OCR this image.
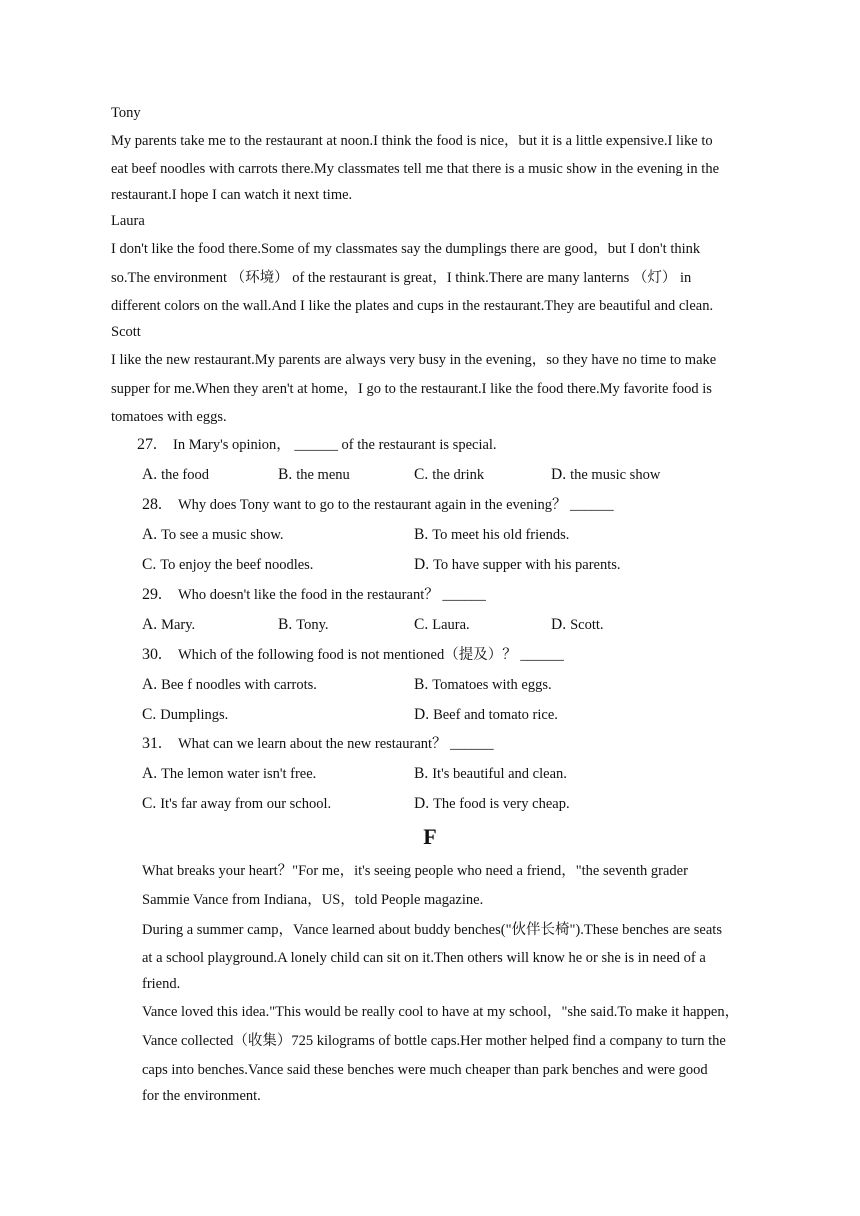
Tony
My parents take me to the restaurant at noon.I think the food is nice，but it is a little expensive.I like to
eat beef noodles with carrots there.My classmates tell me that there is a music show in the evening in the
restaurant.I hope I can watch it next time.
Laura
I don't like the food there.Some of my classmates say the dumplings there are good，but I don't think
so.The environment （环境） of the restaurant is great，I think.There are many lanterns （灯） in
different colors on the wall.And I like the plates and cups in the restaurant.They are beautiful and clean.
Scott
I like the new restaurant.My parents are always very busy in the evening，so they have no time to make
supper for me.When they aren't at home，I go to the restaurant.I like the food there.My favorite food is
tomatoes with eggs.
27. In Mary's opinion， ______ of the restaurant is special.
A. the food	B. the menu	C. the drink	D. the music show
28. Why does Tony want to go to the restaurant again in the evening？ ______
A. To see a music show.	B. To meet his old friends.
C. To enjoy the beef noodles.	D. To have supper with his parents.
29. Who doesn't like the food in the restaurant？ ______
A. Mary.	B. Tony.	C. Laura.	D. Scott.
30. Which of the following food is not mentioned（提及）？ ______
A. Bee f noodles with carrots.	B. Tomatoes with eggs.
C. Dumplings.	D. Beef and tomato rice.
31. What can we learn about the new restaurant？ ______
A. The lemon water isn't free.	B. It's beautiful and clean.
C. It's far away from our school.	D. The food is very cheap.
F
What breaks your heart？"For me，it's seeing people who need a friend，"the seventh grader
Sammie Vance from Indiana，US，told People magazine.
During a summer camp，Vance learned about buddy benches("伙伴长椅").These benches are seats
at a school playground.A lonely child can sit on it.Then others will know he or she is in need of a
friend.
Vance loved this idea."This would be really cool to have at my school，"she said.To make it happen，
Vance collected（收集）725 kilograms of bottle caps.Her mother helped find a company to turn the
caps into benches.Vance said these benches were much cheaper than park benches and were good
for the environment.
